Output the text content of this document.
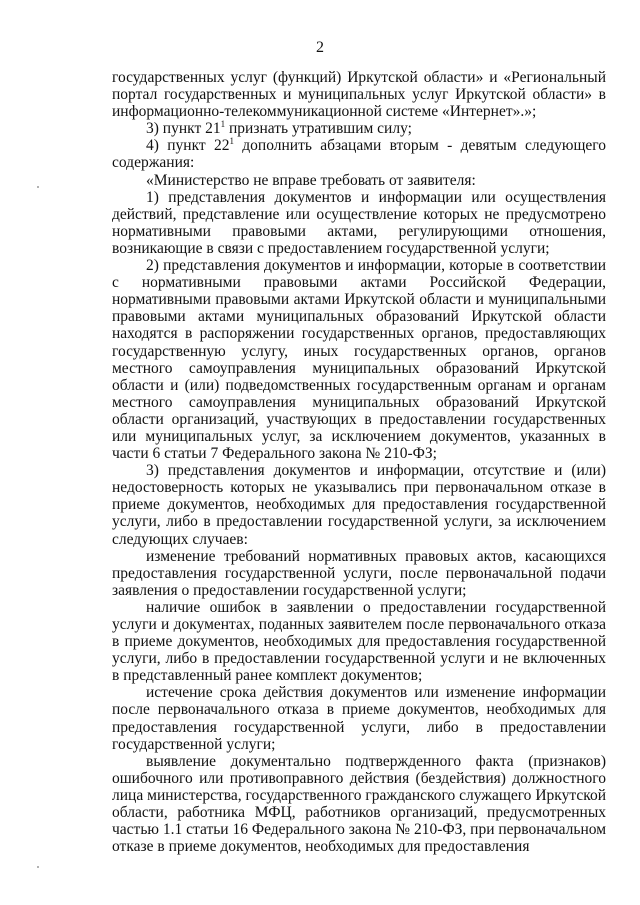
2

государственных услуг (функций) Иркутской области» и «Региональный портал государственных и муниципальных услуг Иркутской области» в информационно-телекоммуникационной системе «Интернет».»;

3) пункт $21^1$ признать утратившим силу;

4) пункт $22^1$ дополнить абзацами вторым - девятым следующего содержания:

«Министерство не вправе требовать от заявителя:

1) представления документов и информации или осуществления действий, представление или осуществление которых не предусмотрено нормативными правовыми актами, регулирующими отношения, возникающие в связи с предоставлением государственной услуги;

2) представления документов и информации, которые в соответствии с нормативными правовыми актами Российской Федерации, нормативными правовыми актами Иркутской области и муниципальными правовыми актами муниципальных образований Иркутской области находятся в распоряжении государственных органов, предоставляющих государственную услугу, иных государственных органов, органов местного самоуправления муниципальных образований Иркутской области и (или) подведомственных государственным органам и органам местного самоуправления муниципальных образований Иркутской области организаций, участвующих в предоставлении государственных или муниципальных услуг, за исключением документов, указанных в части 6 статьи 7 Федерального закона № 210-ФЗ;

3) представления документов и информации, отсутствие и (или) недостоверность которых не указывались при первоначальном отказе в приеме документов, необходимых для предоставления государственной услуги, либо в предоставлении государственной услуги, за исключением следующих случаев:

изменение требований нормативных правовых актов, касающихся предоставления государственной услуги, после первоначальной подачи заявления о предоставлении государственной услуги;

наличие ошибок в заявлении о предоставлении государственной услуги и документах, поданных заявителем после первоначального отказа в приеме документов, необходимых для предоставления государственной услуги, либо в предоставлении государственной услуги и не включенных в представленный ранее комплект документов;

истечение срока действия документов или изменение информации после первоначального отказа в приеме документов, необходимых для предоставления государственной услуги, либо в предоставлении государственной услуги;

выявление документально подтвержденного факта (признаков) ошибочного или противоправного действия (бездействия) должностного лица министерства, государственного гражданского служащего Иркутской области, работника МФЦ, работников организаций, предусмотренных частью 1.1 статьи 16 Федерального закона № 210-ФЗ, при первоначальном отказе в приеме документов, необходимых для предоставления
